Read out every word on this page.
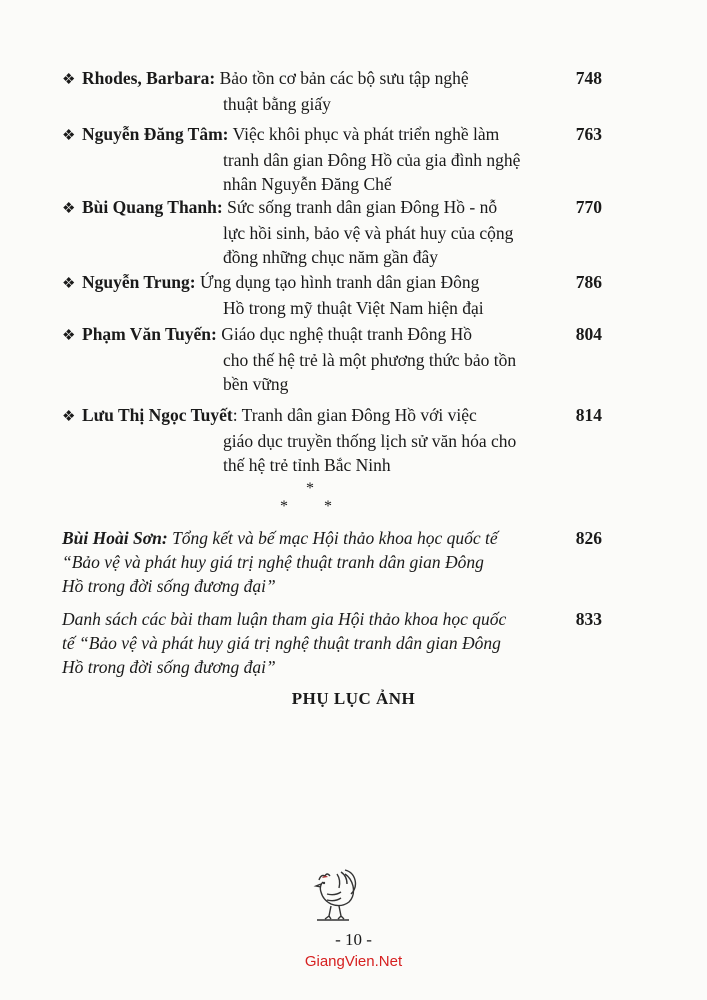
❖ Rhodes, Barbara: Bảo tồn cơ bản các bộ sưu tập nghệ
thuật bằng giấy
748
❖ Nguyễn Đăng Tâm: Việc khôi phục và phát triển nghề làm
tranh dân gian Đông Hồ của gia đình nghệ
nhân Nguyễn Đăng Chế
763
❖ Bùi Quang Thanh: Sức sống tranh dân gian Đông Hồ - nỗ
lực hồi sinh, bảo vệ và phát huy của cộng
đồng những chục năm gần đây
770
❖ Nguyễn Trung: Ứng dụng tạo hình tranh dân gian Đông
Hồ trong mỹ thuật Việt Nam hiện đại
786
❖ Phạm Văn Tuyến: Giáo dục nghệ thuật tranh Đông Hồ
cho thế hệ trẻ là một phương thức bảo tồn
bền vững
804
❖ Lưu Thị Ngọc Tuyết: Tranh dân gian Đông Hồ với việc
giáo dục truyền thống lịch sử văn hóa cho
thế hệ trẻ tỉnh Bắc Ninh
814
*
* *
Bùi Hoài Sơn: Tổng kết và bế mạc Hội thảo khoa học quốc tế
“Bảo vệ và phát huy giá trị nghệ thuật tranh dân gian Đông
Hồ trong đời sống đương đại”
826
Danh sách các bài tham luận tham gia Hội thảo khoa học quốc
tế “Bảo vệ và phát huy giá trị nghệ thuật tranh dân gian Đông
Hồ trong đời sống đương đại”
833
PHỤ LỤC ẢNH
- 10 -
GiangVien.Net
